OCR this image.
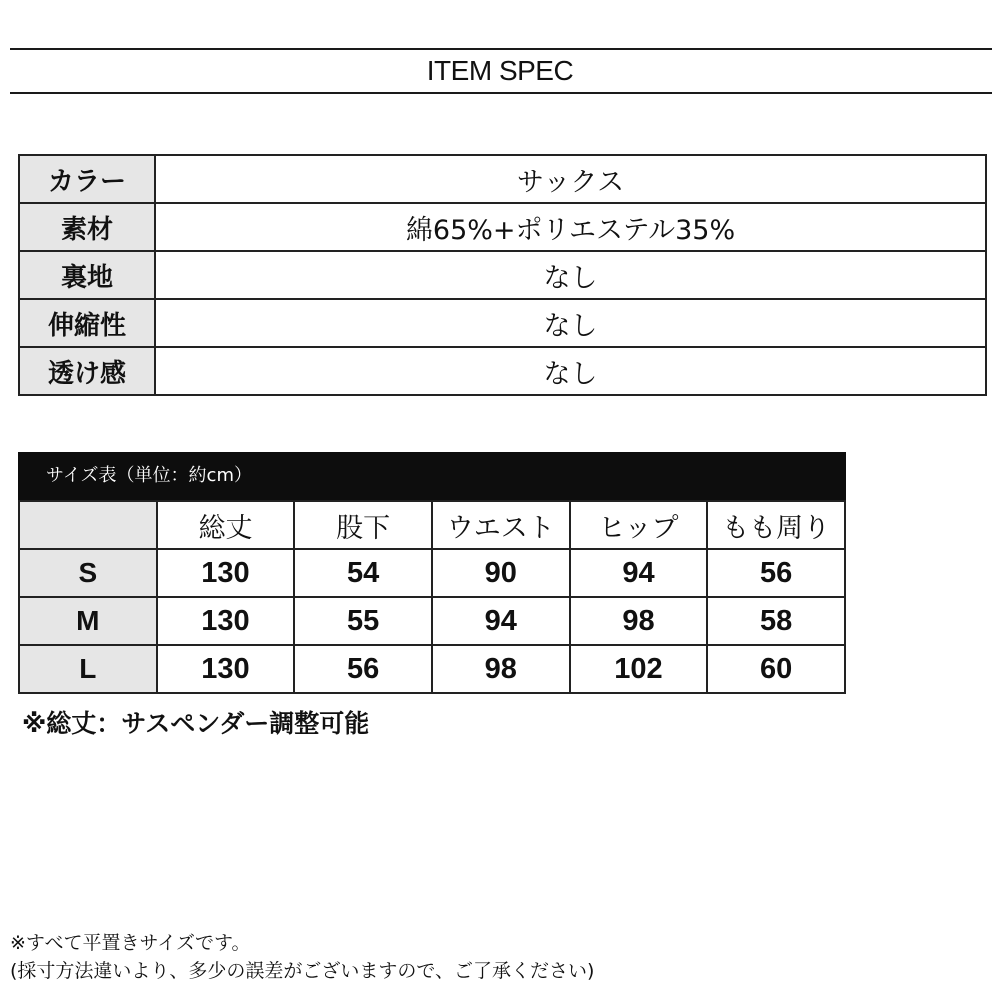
ITEM SPEC
カラー	サックス
素材	綿65%+ポリエステル35%
裏地	なし
伸縮性	なし
透け感	なし
サイズ表（単位：約cm）
	総丈	股下	ウエスト	ヒップ	もも周り
S	130	54	90	94	56
M	130	55	94	98	58
L	130	56	98	102	60
※総丈：サスペンダー調整可能
※すべて平置きサイズです。
(採寸方法違いより、多少の誤差がございますので、ご了承ください)
